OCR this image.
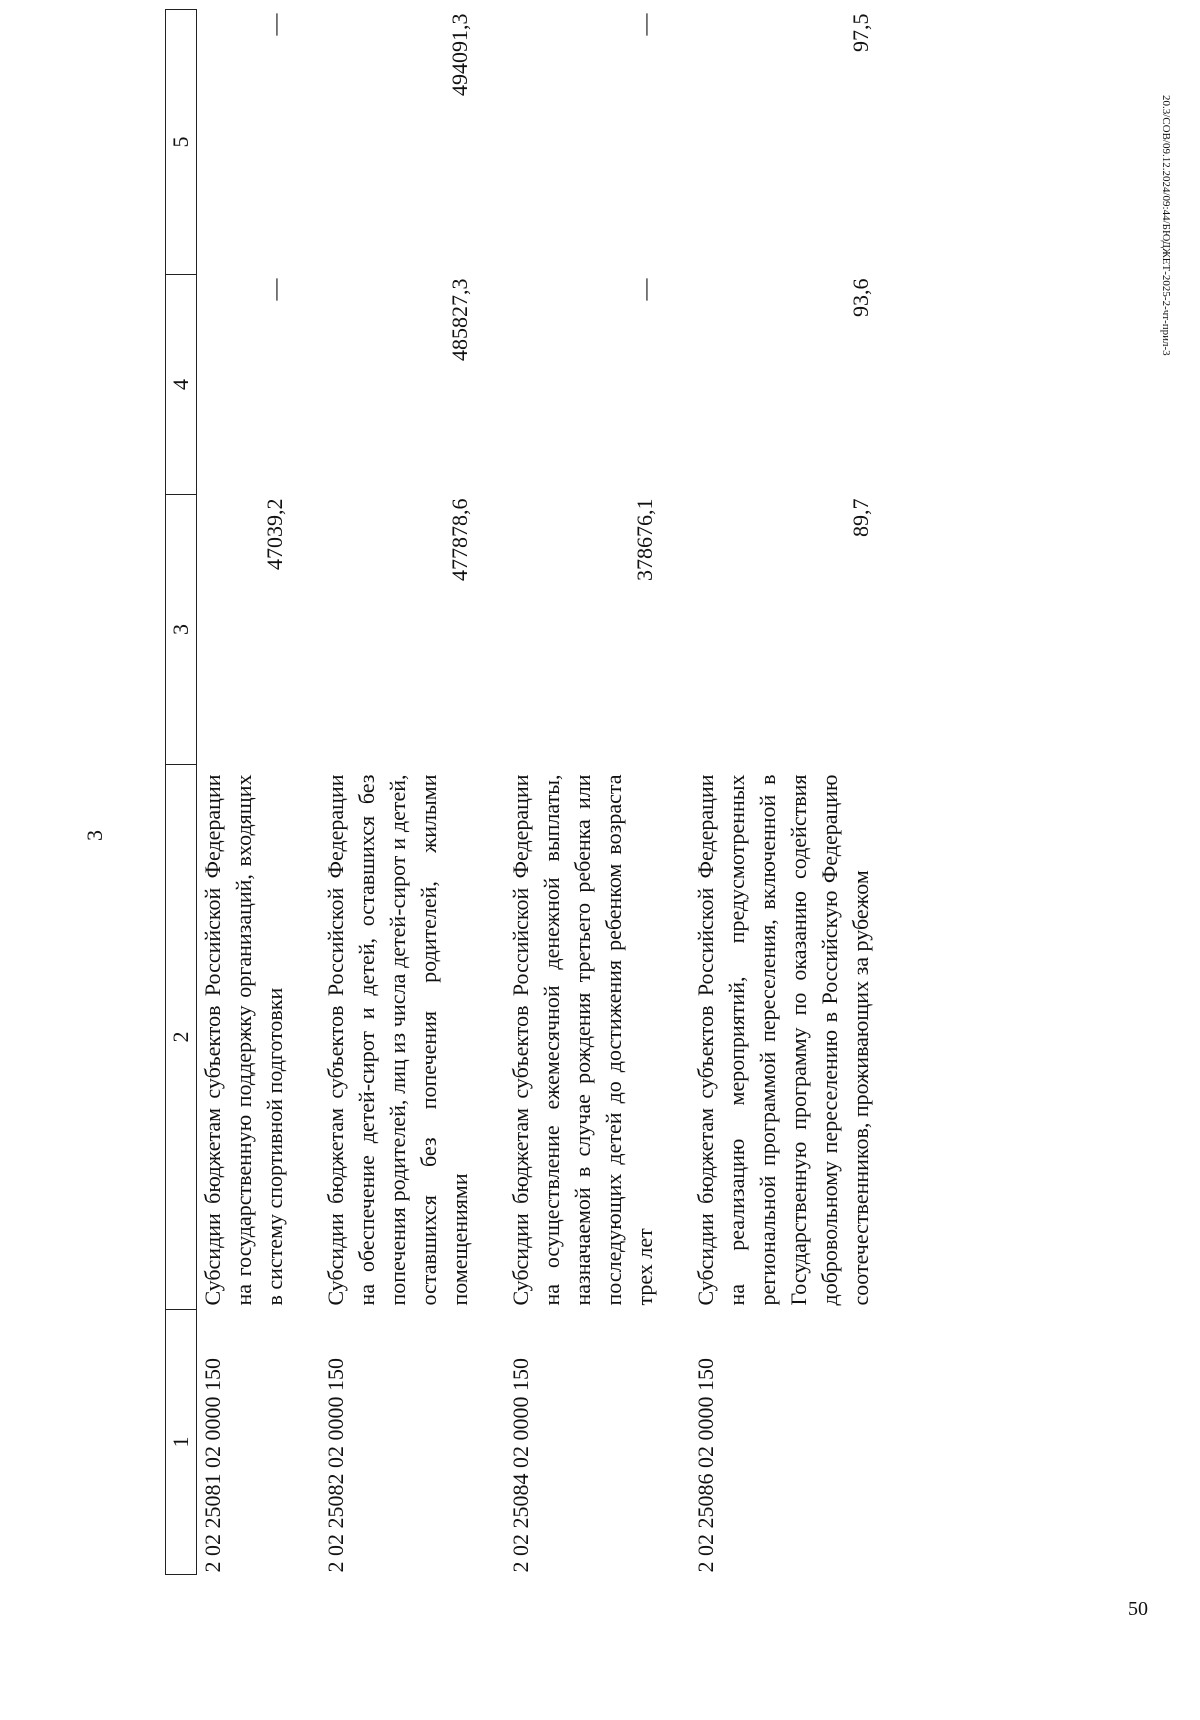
3
1	2	3	4	5
2 02 25081 02 0000 150	Субсидии бюджетам субъектов Российской Федерации на государственную поддержку организаций, входящих в систему спортивной подготовки	47039,2	—	—
2 02 25082 02 0000 150	Субсидии бюджетам субъектов Российской Федерации на обеспечение детей-сирот и детей, оставшихся без попечения родителей, лиц из числа детей-сирот и детей, оставшихся без попечения родителей, жилыми помещениями	477878,6	485827,3	494091,3
2 02 25084 02 0000 150	Субсидии бюджетам субъектов Российской Федерации на осуществление ежемесячной денежной выплаты, назначаемой в случае рождения третьего ребенка или последующих детей до достижения ребенком возраста трех лет	378676,1	—	—
2 02 25086 02 0000 150	Субсидии бюджетам субъектов Российской Федерации на реализацию мероприятий, предусмотренных региональной программой переселения, включенной в Государственную программу по оказанию содействия добровольному переселению в Российскую Федерацию соотечественников, проживающих за рубежом	89,7	93,6	97,5
20.3/СОВ/09.12.2024/09:44/БЮДЖЕТ-2025-2-чт-прил-3
50
